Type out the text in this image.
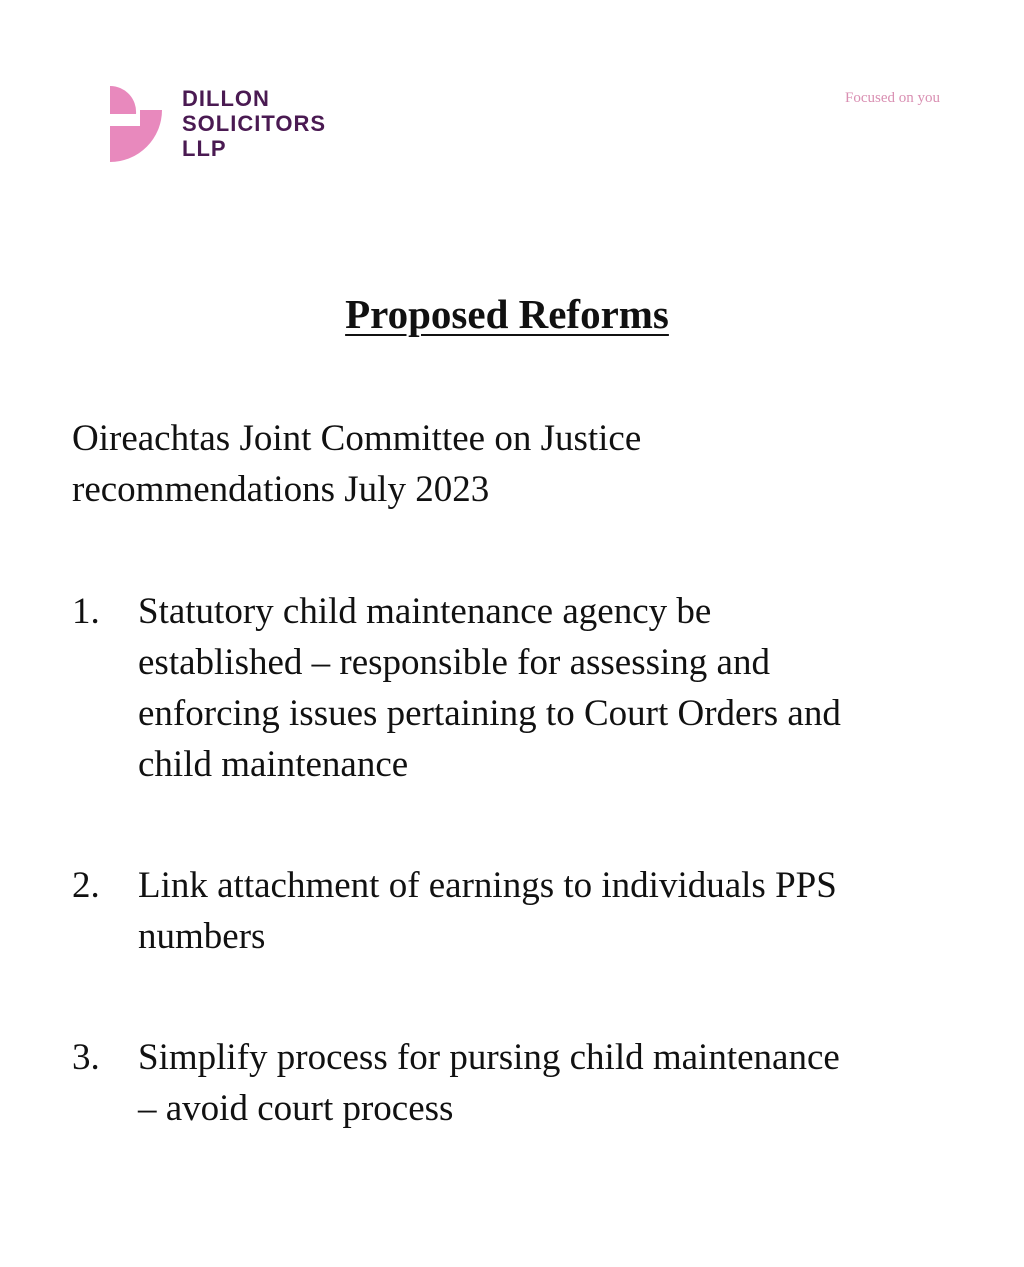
DILLON
SOLICITORS
LLP
Focused on you
Proposed Reforms
Oireachtas Joint Committee on Justice
recommendations July 2023
1. Statutory child maintenance agency be
established – responsible for assessing and
enforcing issues pertaining to Court Orders and
child maintenance
2. Link attachment of earnings to individuals PPS
numbers
3. Simplify process for pursing child maintenance
– avoid court process
